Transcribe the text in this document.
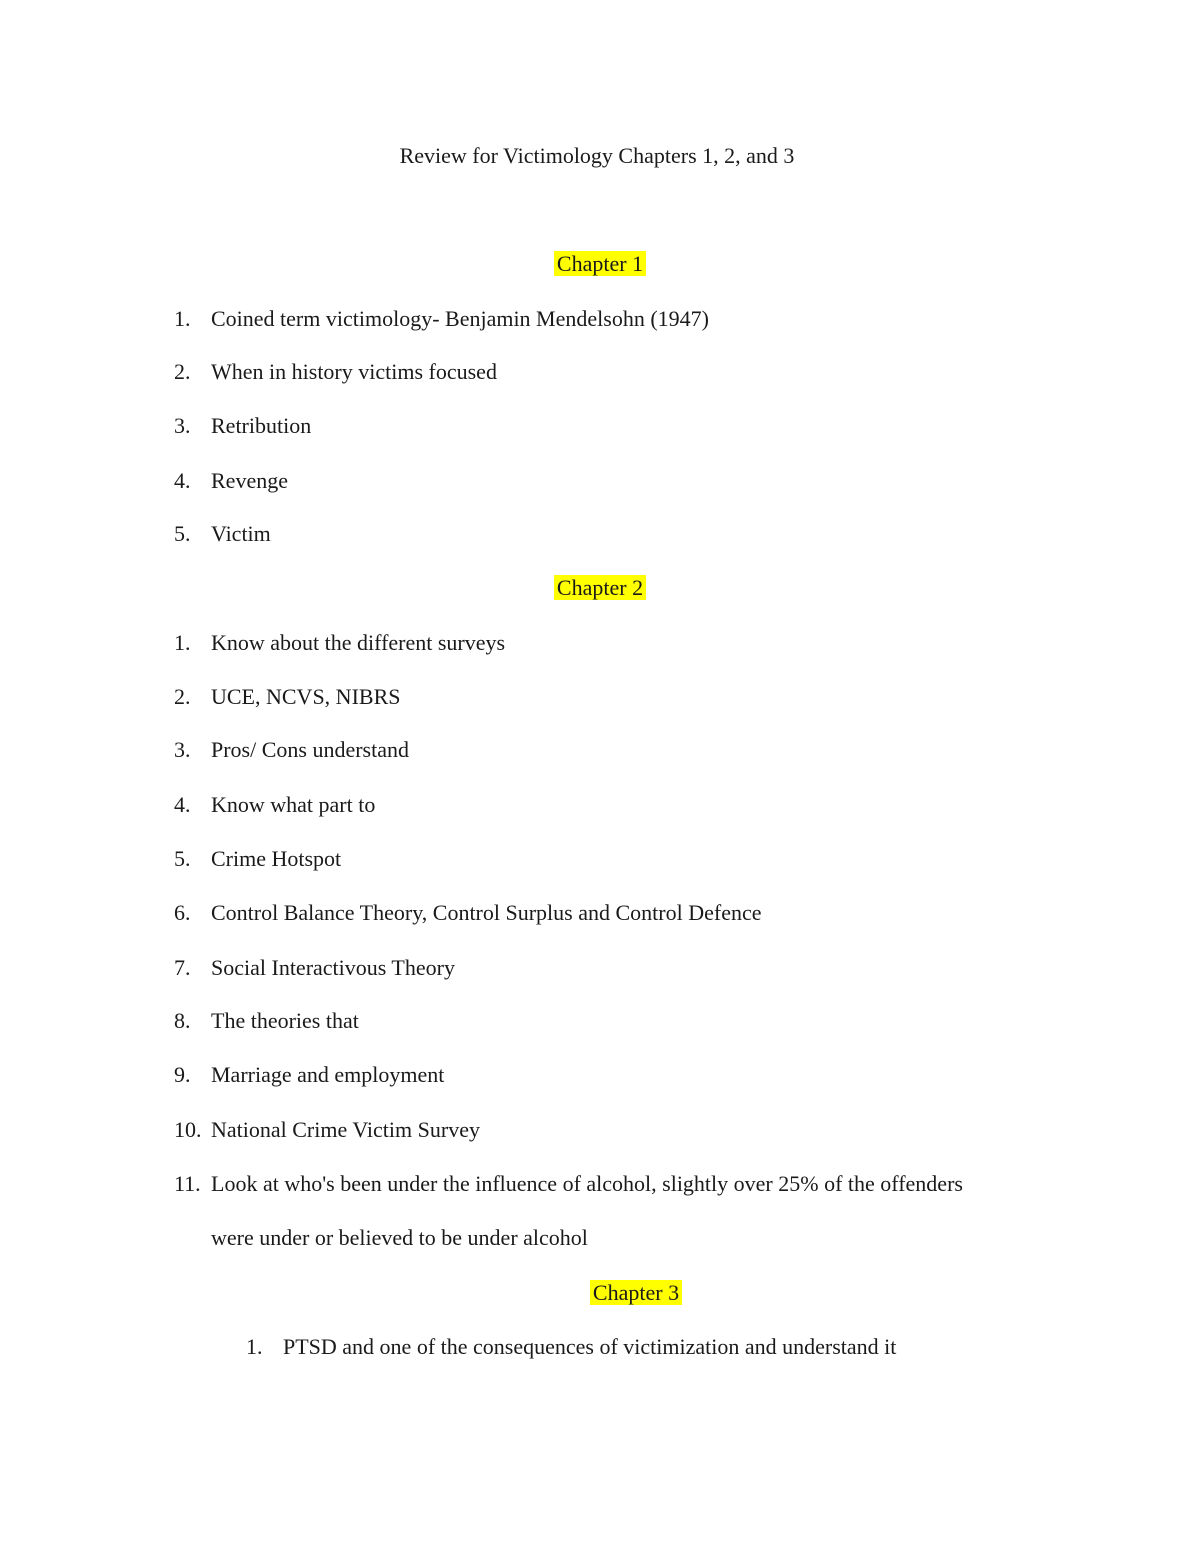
Review for Victimology Chapters 1, 2, and 3
Chapter 1
1. Coined term victimology- Benjamin Mendelsohn (1947)
2. When in history victims focused
3. Retribution
4. Revenge
5. Victim
Chapter 2
1. Know about the different surveys
2. UCE, NCVS, NIBRS
3. Pros/ Cons understand
4. Know what part to
5. Crime Hotspot
6. Control Balance Theory, Control Surplus and Control Defence
7. Social Interactivous Theory
8. The theories that
9. Marriage and employment
10. National Crime Victim Survey
11. Look at who's been under the influence of alcohol, slightly over 25% of the offenders
were under or believed to be under alcohol
Chapter 3
1. PTSD and one of the consequences of victimization and understand it
